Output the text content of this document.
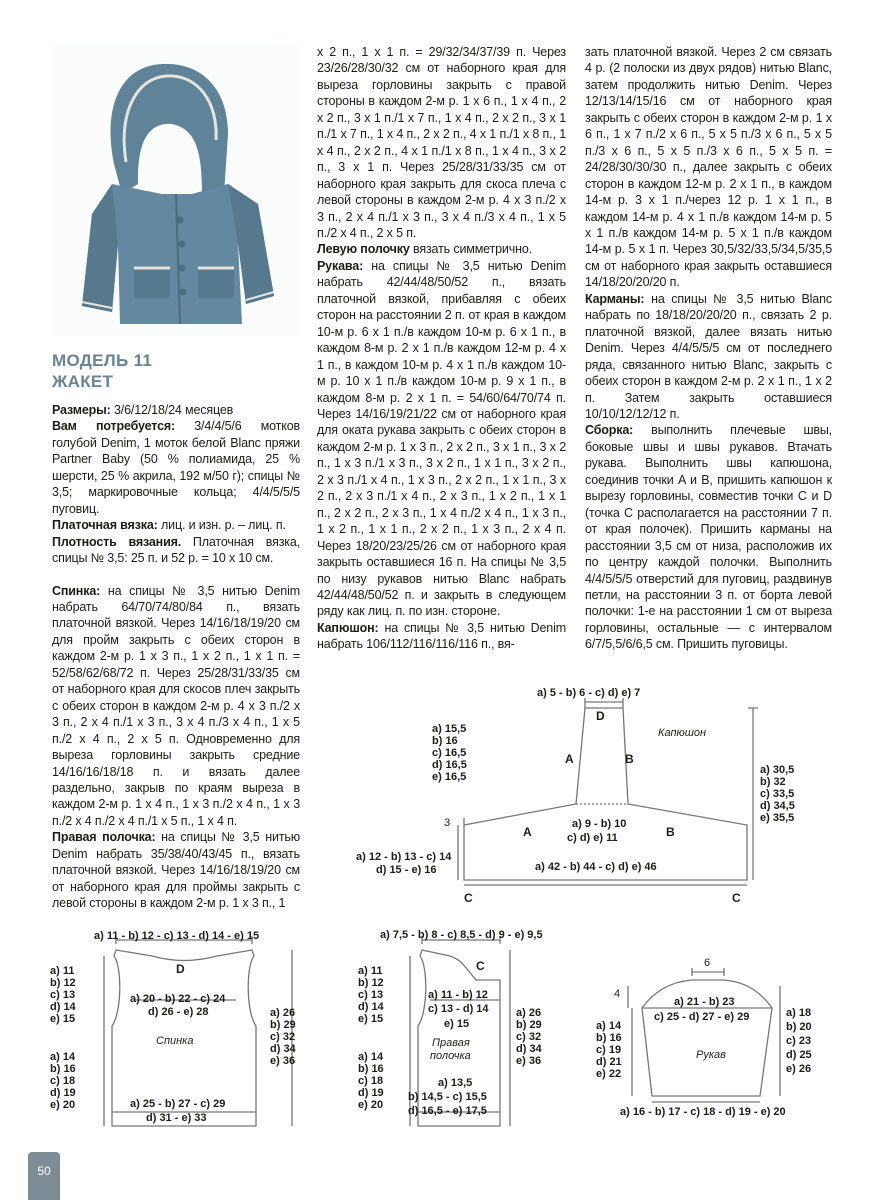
МОДЕЛЬ 11
ЖАКЕТ

Размеры: 3/6/12/18/24 месяцев

Вам потребуется: 3/4/4/5/6 мотков голубой Denim, 1 моток белой Blanc пряжи Partner Baby (50 % полиамида, 25 % шерсти, 25 % акрила, 192 м/50 г); спицы № 3,5; маркировочные кольца; 4/4/5/5/5 пуговиц.

Платочная вязка: лиц. и изн. р. – лиц. п.

Плотность вязания. Платочная вязка, спицы № 3,5: 25 п. и 52 р. = 10 x 10 см.

Спинка: на спицы № 3,5 нитью Denim набрать 64/70/74/80/84 п., вязать платочной вязкой. Через 14/16/18/19/20 см для пройм закрыть с обеих сторон в каждом 2-м р. 1 x 3 п., 1 x 2 п., 1 x 1 п. = 52/58/62/68/72 п. Через 25/28/31/33/35 см от наборного края для скосов плеч закрыть с обеих сторон в каждом 2-м р. 4 x 3 п./2 x 3 п., 2 x 4 п./1 x 3 п., 3 x 4 п./3 x 4 п., 1 x 5 п./2 x 4 п., 2 x 5 п. Одновременно для выреза горловины закрыть средние 14/16/16/18/18 п. и вязать далее раздельно, закрыв по краям выреза в каждом 2-м р. 1 x 4 п., 1 x 3 п./2 x 4 п., 1 x 3 п./2 x 4 п./2 x 4 п./1 x 5 п., 1 x 4 п.

Правая полочка: на спицы № 3,5 нитью Denim набрать 35/38/40/43/45 п., вязать платочной вязкой. Через 14/16/18/19/20 см от наборного края для проймы закрыть с левой стороны в каждом 2-м р. 1 x 3 п., 1

x 2 п., 1 x 1 п. = 29/32/34/37/39 п. Через 23/26/28/30/32 см от наборного края для выреза горловины закрыть с правой стороны в каждом 2-м р. 1 x 6 п., 1 x 4 п., 2 x 2 п., 3 x 1 п./1 x 7 п., 1 x 4 п., 2 x 2 п., 3 x 1 п./1 x 7 п., 1 x 4 п., 2 x 2 п., 4 x 1 п./1 x 8 п., 1 x 4 п., 2 x 2 п., 4 x 1 п./1 x 8 п., 1 x 4 п., 3 x 2 п., 3 x 1 п. Через 25/28/31/33/35 см от наборного края закрыть для скоса плеча с левой стороны в каждом 2-м р. 4 x 3 п./2 x 3 п., 2 x 4 п./1 x 3 п., 3 x 4 п./3 x 4 п., 1 x 5 п./2 x 4 п., 2 x 5 п.

Левую полочку вязать симметрично.

Рукава: на спицы № 3,5 нитью Denim набрать 42/44/48/50/52 п., вязать платочной вязкой, прибавляя с обеих сторон на расстоянии 2 п. от края в каждом 10-м р. 6 x 1 п./в каждом 10-м р. 6 x 1 п., в каждом 8-м р. 2 x 1 п./в каждом 12-м р. 4 x 1 п., в каждом 10-м р. 4 x 1 п./в каждом 10-м р. 10 x 1 п./в каждом 10-м р. 9 x 1 п., в каждом 8-м р. 2 x 1 п. = 54/60/64/70/74 п. Через 14/16/19/21/22 см от наборного края для оката рукава закрыть с обеих сторон в каждом 2-м р. 1 x 3 п., 2 x 2 п., 3 x 1 п., 3 x 2 п., 1 x 3 п./1 x 3 п., 3 x 2 п., 1 x 1 п., 3 x 2 п., 2 x 3 п./1 x 4 п., 1 x 3 п., 2 x 2 п., 1 x 1 п., 3 x 2 п., 2 x 3 п./1 x 4 п., 2 x 3 п., 1 x 2 п., 1 x 1 п., 2 x 2 п., 2 x 3 п., 1 x 4 п./2 x 4 п., 1 x 3 п., 1 x 2 п., 1 x 1 п., 2 x 2 п., 1 x 3 п., 2 x 4 п. Через 18/20/23/25/26 см от наборного края закрыть оставшиеся 16 п. На спицы № 3,5 по низу рукавов нитью Blanc набрать 42/44/48/50/52 п. и закрыть в следующем ряду как лиц. п. по изн. стороне.

Капюшон: на спицы № 3,5 нитью Denim набрать 106/112/116/116/116 п., вя-

зать платочной вязкой. Через 2 см связать 4 р. (2 полоски из двух рядов) нитью Blanc, затем продолжить нитью Denim. Через 12/13/14/15/16 см от наборного края закрыть с обеих сторон в каждом 2-м р. 1 x 6 п., 1 x 7 п./2 x 6 п., 5 x 5 п./3 x 6 п., 5 x 5 п./3 x 6 п., 5 x 5 п./3 x 6 п., 5 x 5 п. = 24/28/30/30/30 п., далее закрыть с обеих сторон в каждом 12-м р. 2 x 1 п., в каждом 14-м р. 3 x 1 п./через 12 р. 1 x 1 п., в каждом 14-м р. 4 x 1 п./в каждом 14-м р. 5 x 1 п./в каждом 14-м р. 5 x 1 п./в каждом 14-м р. 5 x 1 п. Через 30,5/32/33,5/34,5/35,5 см от наборного края закрыть оставшиеся 14/18/20/20/20 п.

Карманы: на спицы № 3,5 нитью Blanc набрать по 18/18/20/20/20 п., связать 2 р. платочной вязкой, далее вязать нитью Denim. Через 4/4/5/5/5 см от последнего ряда, связанного нитью Blanc, закрыть с обеих сторон в каждом 2-м р. 2 x 1 п., 1 x 2 п. Затем закрыть оставшиеся 10/10/12/12/12 п.

Сборка: выполнить плечевые швы, боковые швы и швы рукавов. Втачать рукава. Выполнить швы капюшона, соединив точки A и B, пришить капюшон к вырезу горловины, совместив точки C и D (точка C располагается на расстоянии 7 п. от края полочек). Пришить карманы на расстоянии 3,5 см от низа, расположив их по центру каждой полочки. Выполнить 4/4/5/5/5 отверстий для пуговиц, раздвинув петли, на расстоянии 3 п. от борта левой полочки: 1-е на расстоянии 1 см от выреза горловины, остальные — с интервалом 6/7/5,5/6/6,5 см. Пришить пуговицы.

a) 5 - b) 6 - c) d) e) 7
D
A	B
Капюшон
a) 15,5
b) 16
c) 16,5
d) 16,5
e) 16,5
a) 30,5
b) 32
c) 33,5
d) 34,5
e) 35,5
3
A	B
a) 9 - b) 10
c) d) e) 11
a) 12 - b) 13 - c) 14
d) 15 - e) 16	a) 42 - b) 44 - c) d) e) 46
C	C
a) 11 - b) 12 - c) 13 - d) 14 - e) 15
D
a) 11
b) 12
c) 13
d) 14
e) 15
a) 14
b) 16
c) 18
d) 19
e) 20
a) 20 - b) 22 - c) 24
d) 26 - e) 28
Спинка
a) 26
b) 29
c) 32
d) 34
e) 36
a) 25 - b) 27 - c) 29
d) 31 - e) 33
a) 7,5 - b) 8 - c) 8,5 - d) 9 - e) 9,5
C
a) 11
b) 12
c) 13
d) 14
e) 15
a) 14
b) 16
c) 18
d) 19
e) 20
a) 11 - b) 12
c) 13 - d) 14
e) 15
Правая
полочка
a) 26
b) 29
c) 32
d) 34
e) 36
a) 13,5
b) 14,5 - c) 15,5
d) 16,5 - e) 17,5
6
4
a) 21 - b) 23
c) 25 - d) 27 - e) 29
a) 14
b) 16
c) 19
d) 21
e) 22
Рукав
a) 18
b) 20
c) 23
d) 25
e) 26
a) 16 - b) 17 - c) 18 - d) 19 - e) 20
50
